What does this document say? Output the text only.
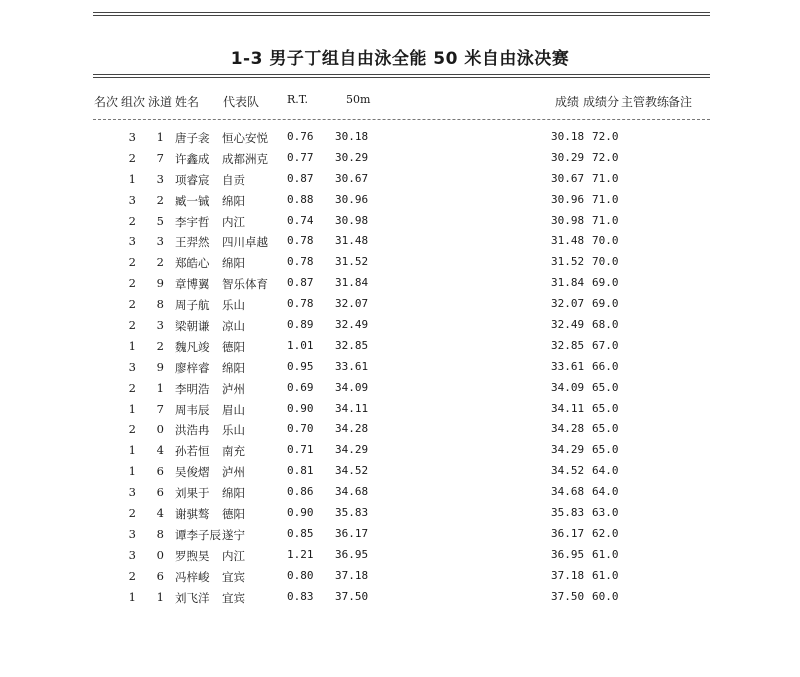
1-3 男子丁组自由泳全能 50 米自由泳决赛
名次 组次 泳道 姓名 代表队	R.T.	50m	成绩 成绩分 主管教练
备注
3 1 唐子衾 恒心安悦 0.76 30.18	30.18 72.0
2 7 许鑫成 成都洲克 0.77 30.29	30.29 72.0
1 3 项睿宸 自贡	0.87 30.67	30.67 71.0
3 2 臧一铖 绵阳	0.88 30.96	30.96 71.0
2 5 李宇哲 内江	0.74 30.98	30.98 71.0
3 3 王羿然 四川卓越 0.78 31.48	31.48 70.0
2 2 郑皓心 绵阳	0.78 31.52	31.52 70.0
2 9 章博翼 智乐体育 0.87 31.84	31.84 69.0
2 8 周子航 乐山	0.78 32.07	32.07 69.0
2 3 梁朝谦 凉山	0.89 32.49	32.49 68.0
1 2 魏凡竣 德阳	1.01 32.85	32.85 67.0
3 9 廖梓睿 绵阳	0.95 33.61	33.61 66.0
2 1 李明浩 泸州	0.69 34.09	34.09 65.0
1 7 周韦辰 眉山	0.90 34.11	34.11 65.0
2 0 洪浩冉 乐山	0.70 34.28	34.28 65.0
1 4 孙若恒 南充	0.71 34.29	34.29 65.0
1 6 吴俊熠 泸州	0.81 34.52	34.52 64.0
3 6 刘果于 绵阳	0.86 34.68	34.68 64.0
2 4 谢骐骜 德阳	0.90 35.83	35.83 63.0
3 8 谭李子辰 遂宁	0.85 36.17	36.17 62.0
3 0 罗煦昊 内江	1.21 36.95	36.95 61.0
2 6 冯梓峻 宜宾	0.80 37.18	37.18 61.0
1 1 刘飞洋 宜宾	0.83 37.50	37.50 60.0
